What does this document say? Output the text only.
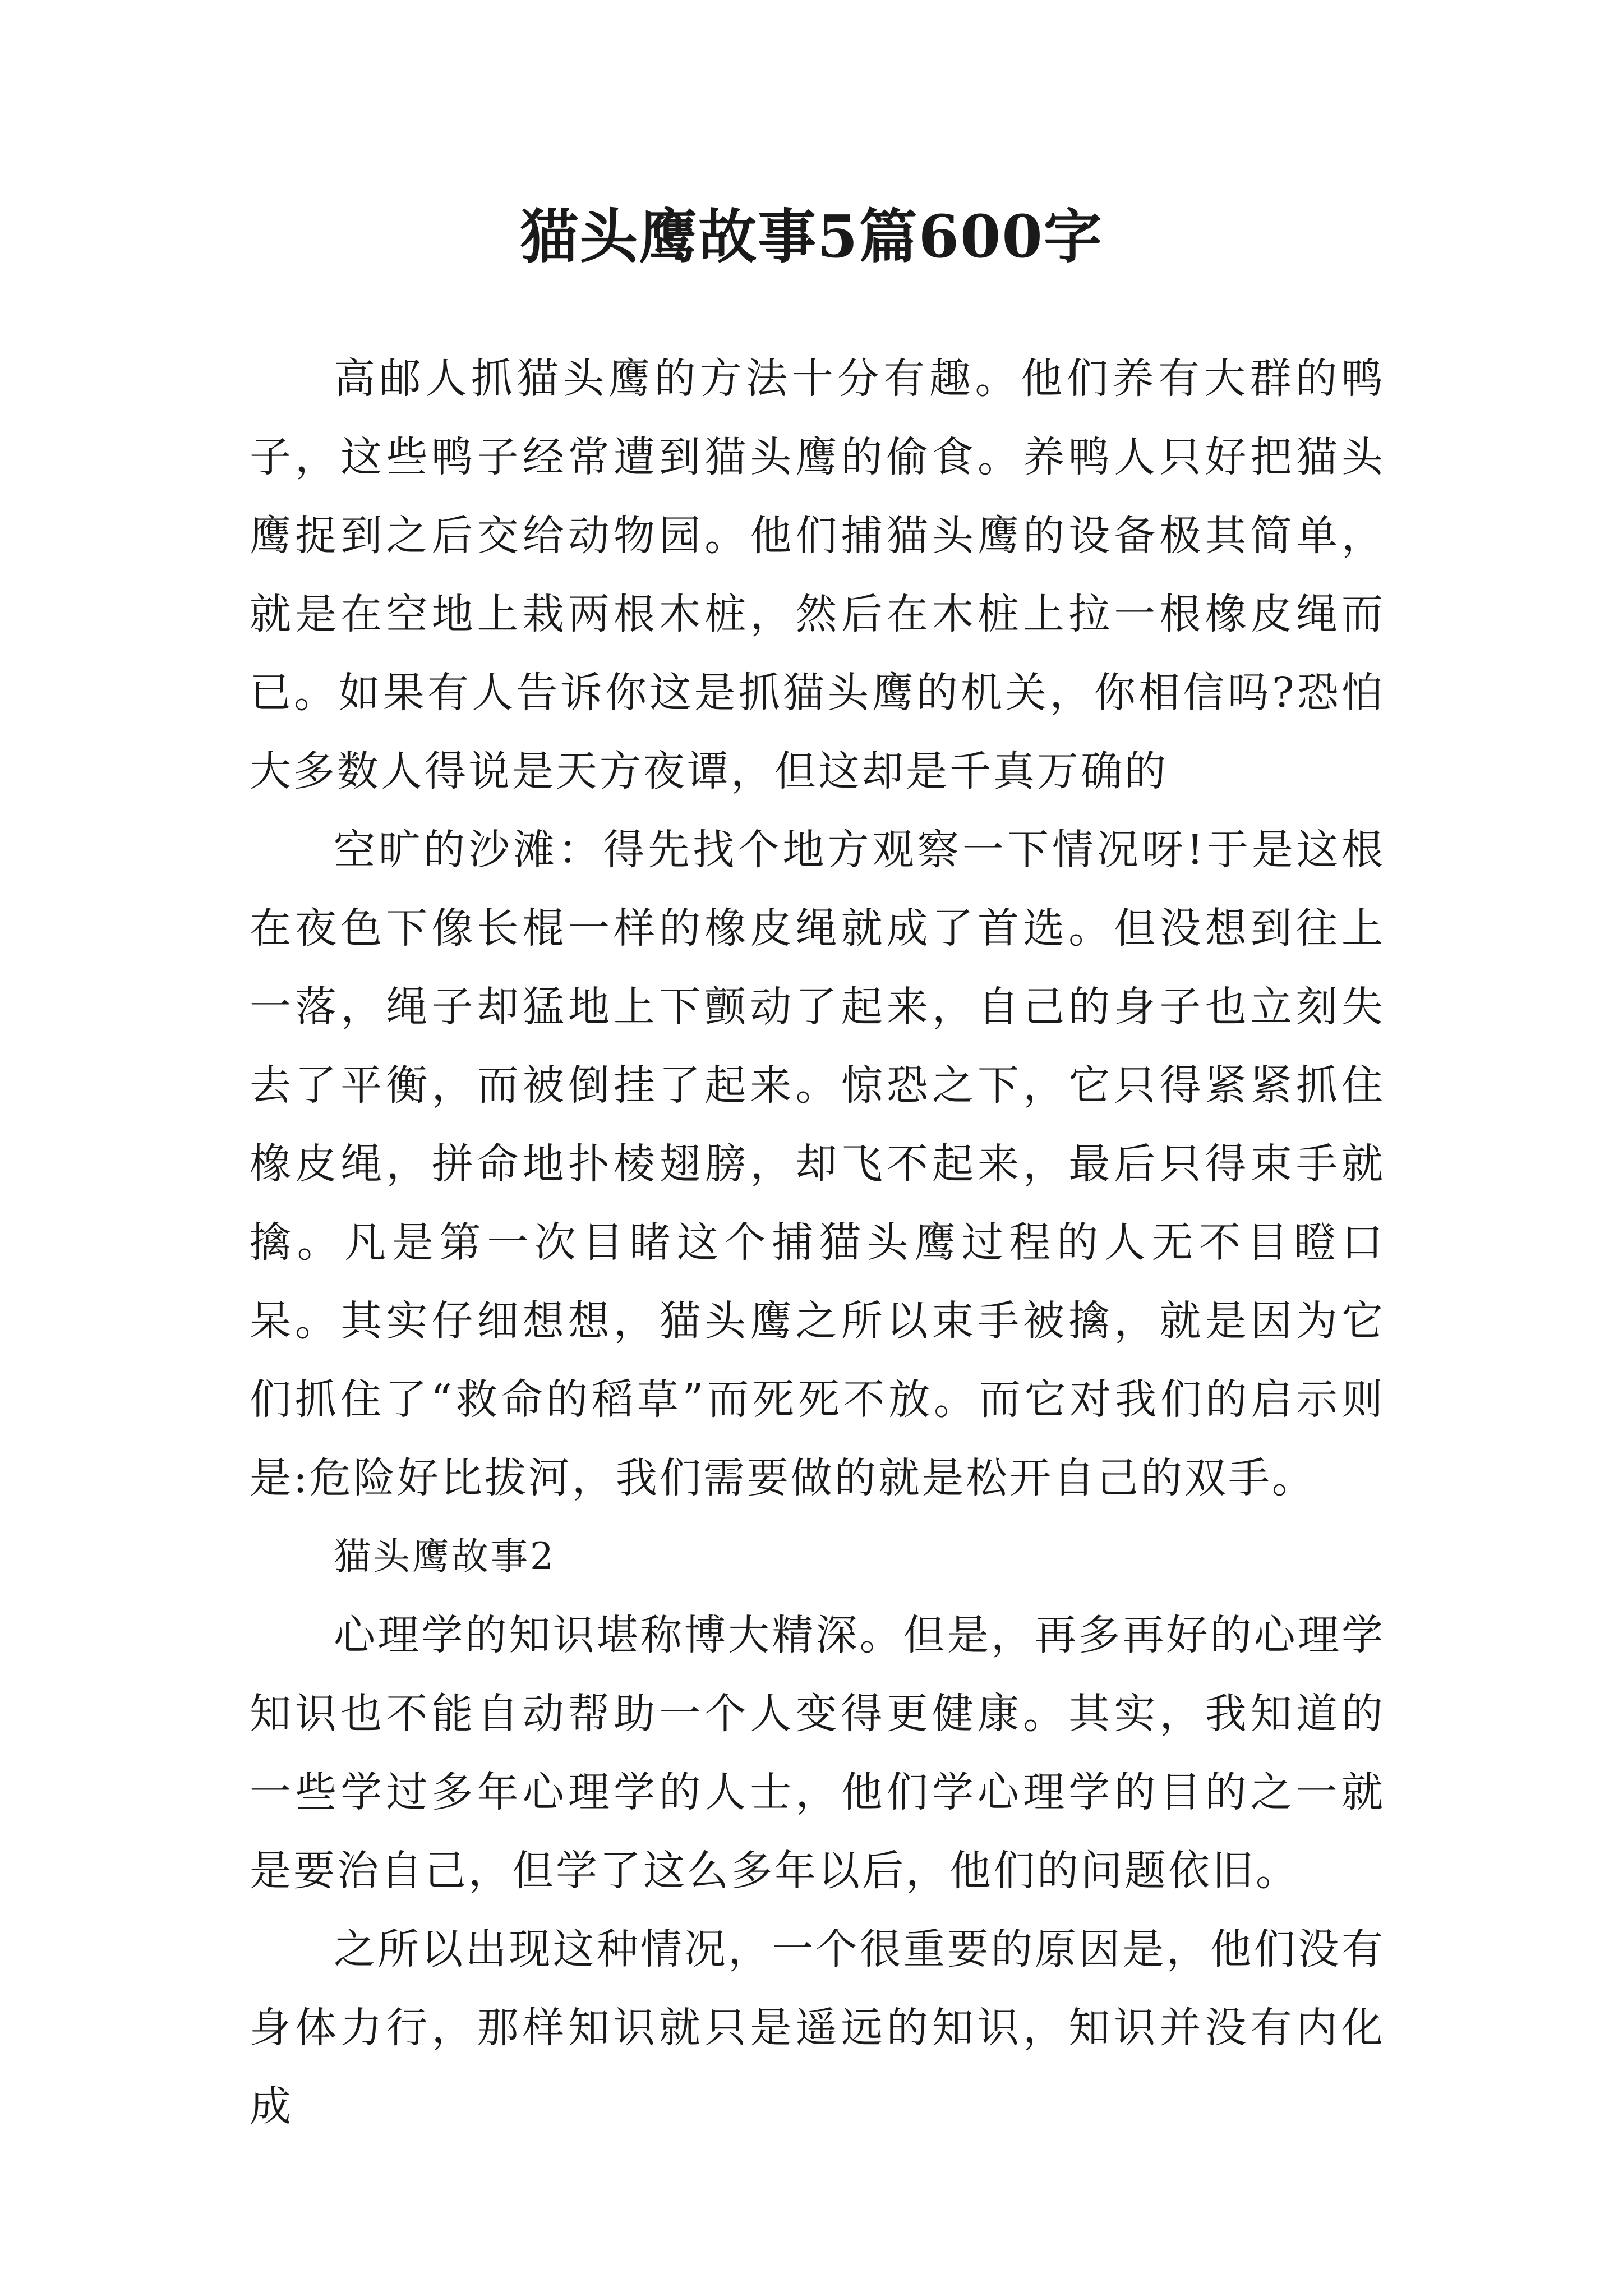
猫头鹰故事5篇600字

高邮人抓猫头鹰的方法十分有趣。他们养有大群的鸭子，这些鸭子经常遭到猫头鹰的偷食。养鸭人只好把猫头鹰捉到之后交给动物园。他们捕猫头鹰的设备极其简单，就是在空地上栽两根木桩，然后在木桩上拉一根橡皮绳而已。如果有人告诉你这是抓猫头鹰的机关，你相信吗?恐怕大多数人得说是天方夜谭，但这却是千真万确的

空旷的沙滩：得先找个地方观察一下情况呀!于是这根在夜色下像长棍一样的橡皮绳就成了首选。但没想到往上一落，绳子却猛地上下颤动了起来，自己的身子也立刻失去了平衡，而被倒挂了起来。惊恐之下，它只得紧紧抓住橡皮绳，拼命地扑棱翅膀，却飞不起来，最后只得束手就擒。凡是第一次目睹这个捕猫头鹰过程的人无不目瞪口呆。其实仔细想想，猫头鹰之所以束手被擒，就是因为它们抓住了“救命的稻草”而死死不放。而它对我们的启示则是:危险好比拔河，我们需要做的就是松开自己的双手。

猫头鹰故事2

心理学的知识堪称博大精深。但是，再多再好的心理学知识也不能自动帮助一个人变得更健康。其实，我知道的一些学过多年心理学的人士，他们学心理学的目的之一就是要治自己，但学了这么多年以后，他们的问题依旧。

之所以出现这种情况，一个很重要的原因是，他们没有身体力行，那样知识就只是遥远的知识，知识并没有内化成
